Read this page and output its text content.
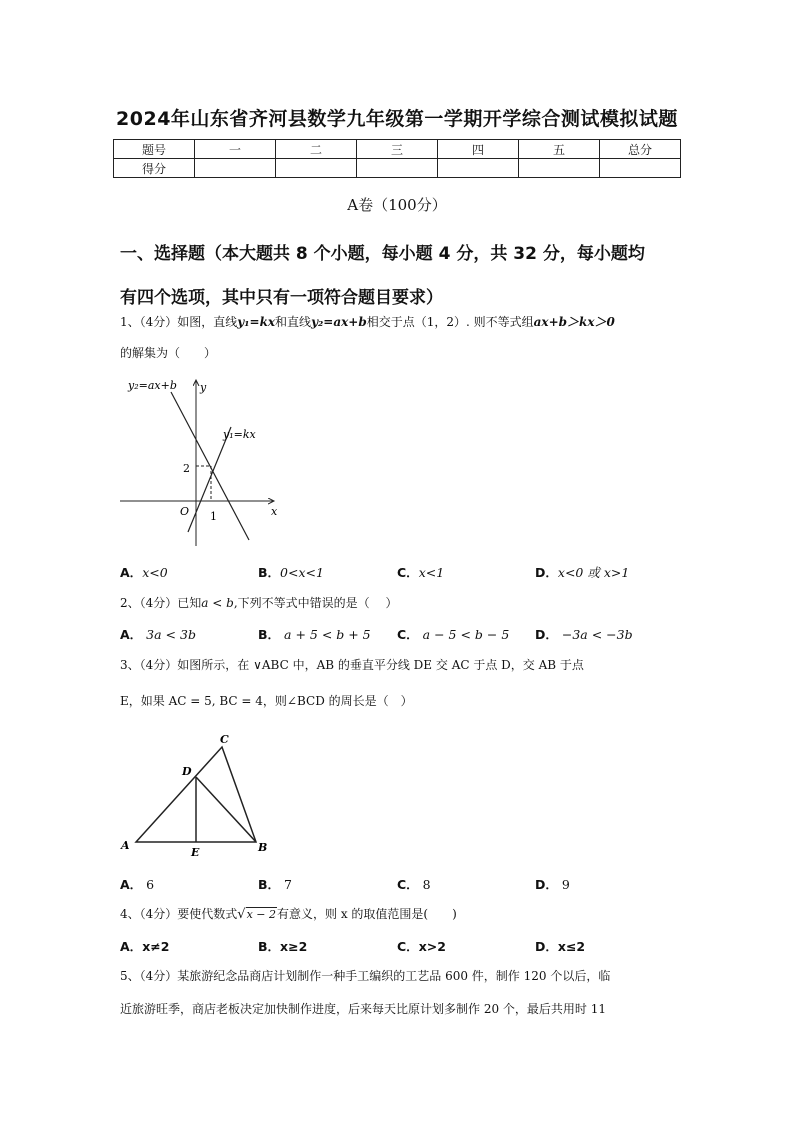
2024年山东省齐河县数学九年级第一学期开学综合测试模拟试题
题号	一	二	三	四	五	总分
得分						
A卷（100分）
一、选择题（本大题共 8 个小题，每小题 4 分，共 32 分，每小题均
有四个选项，其中只有一项符合题目要求）
1、（4分）如图，直线y₁=kx和直线y₂=ax+b相交于点（1，2）. 则不等式组ax+b＞kx＞0
的解集为（　　）
y₂=ax+b y
y₁=kx
2
O 1	x
A．x<0	B．0<x<1	C．x<1	D．x<0 或 x>1
2、（4分）已知a < b,下列不等式中错误的是（　 ）
A． 3a < 3b	B． a + 5 < b + 5 C． a − 5 < b − 5 D． −3a < −3b
3、（4分）如图所示，在 ∨ABC 中，AB 的垂直平分线 DE 交 AC 于点 D，交 AB 于点
E，如果 AC = 5, BC = 4，则∠BCD 的周长是（　）
C
D
A
E	B
A． 6	B． 7	C． 8	D． 9
4、（4分）要使代数式√x − 2有意义，则 x 的取值范围是(　　)
A．x≠2	B．x≥2	C．x>2	D．x≤2
5、（4分）某旅游纪念品商店计划制作一种手工编织的工艺品 600 件，制作 120 个以后，临
近旅游旺季，商店老板决定加快制作进度，后来每天比原计划多制作 20 个，最后共用时 11
